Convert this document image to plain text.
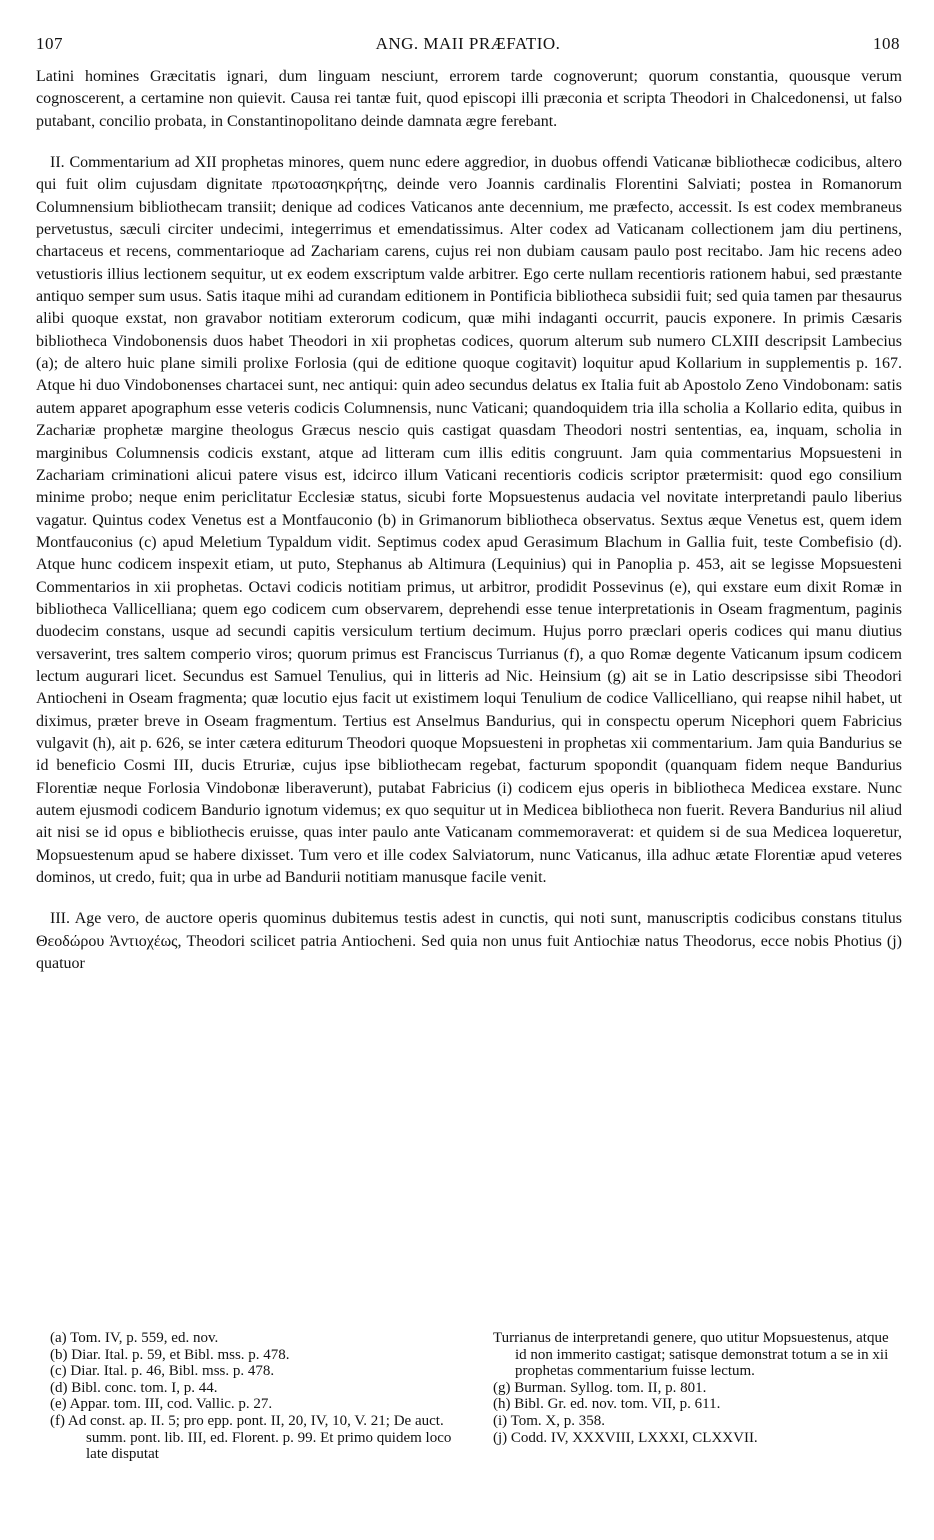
107	ANG. MAII PRÆFATIO.	108

Latini homines Græcitatis ignari, dum linguam nesciunt, errorem tarde cognoverunt; quorum constantia, quousque verum cognoscerent, a certamine non quievit. Causa rei tantæ fuit, quod episcopi illi præconia et scripta Theodori in Chalcedonensi, ut falso putabant, concilio probata, in Constantinopolitano deinde damnata ægre ferebant.

II. Commentarium ad XII prophetas minores, quem nunc edere aggredior, in duobus offendi Vaticanæ bibliothecæ codicibus, altero qui fuit olim cujusdam dignitate πρωτοασηκρήτης, deinde vero Joannis cardinalis Florentini Salviati; postea in Romanorum Columnensium bibliothecam transiit; denique ad codices Vaticanos ante decennium, me præfecto, accessit. Is est codex membraneus pervetustus, sæculi circiter undecimi, integerrimus et emendatissimus. Alter codex ad Vaticanam collectionem jam diu pertinens, chartaceus et recens, commentarioque ad Zachariam carens, cujus rei non dubiam causam paulo post recitabo. Jam hic recens adeo vetustioris illius lectionem sequitur, ut ex eodem exscriptum valde arbitrer. Ego certe nullam recentioris rationem habui, sed præstante antiquo semper sum usus. Satis itaque mihi ad curandam editionem in Pontificia bibliotheca subsidii fuit; sed quia tamen par thesaurus alibi quoque exstat, non gravabor notitiam exterorum codicum, quæ mihi indaganti occurrit, paucis exponere. In primis Cæsaris bibliotheca Vindobonensis duos habet Theodori in xii prophetas codices, quorum alterum sub numero CLXIII descripsit Lambecius (a); de altero huic plane simili prolixe Forlosia (qui de editione quoque cogitavit) loquitur apud Kollarium in supplementis p. 167. Atque hi duo Vindobonenses chartacei sunt, nec antiqui: quin adeo secundus delatus ex Italia fuit ab Apostolo Zeno Vindobonam: satis autem apparet apographum esse veteris codicis Columnensis, nunc Vaticani; quandoquidem tria illa scholia a Kollario edita, quibus in Zachariæ prophetæ margine theologus Græcus nescio quis castigat quasdam Theodori nostri sententias, ea, inquam, scholia in marginibus Columnensis codicis exstant, atque ad litteram cum illis editis congruunt. Jam quia commentarius Mopsuesteni in Zachariam criminationi alicui patere visus est, idcirco illum Vaticani recentioris codicis scriptor prætermisit: quod ego consilium minime probo; neque enim periclitatur Ecclesiæ status, sicubi forte Mopsuestenus audacia vel novitate interpretandi paulo liberius vagatur. Quintus codex Venetus est a Montfauconio (b) in Grimanorum bibliotheca observatus. Sextus æque Venetus est, quem idem Montfauconius (c) apud Meletium Typaldum vidit. Septimus codex apud Gerasimum Blachum in Gallia fuit, teste Combefisio (d). Atque hunc codicem inspexit etiam, ut puto, Stephanus ab Altimura (Lequinius) qui in Panoplia p. 453, ait se legisse Mopsuesteni Commentarios in xii prophetas. Octavi codicis notitiam primus, ut arbitror, prodidit Possevinus (e), qui exstare eum dixit Romæ in bibliotheca Vallicelliana; quem ego codicem cum observarem, deprehendi esse tenue interpretationis in Oseam fragmentum, paginis duodecim constans, usque ad secundi capitis versiculum tertium decimum. Hujus porro præclari operis codices qui manu diutius versaverint, tres saltem comperio viros; quorum primus est Franciscus Turrianus (f), a quo Romæ degente Vaticanum ipsum codicem lectum augurari licet. Secundus est Samuel Tenulius, qui in litteris ad Nic. Heinsium (g) ait se in Latio descripsisse sibi Theodori Antiocheni in Oseam fragmenta; quæ locutio ejus facit ut existimem loqui Tenulium de codice Vallicelliano, qui reapse nihil habet, ut diximus, præter breve in Oseam fragmentum. Tertius est Anselmus Bandurius, qui in conspectu operum Nicephori quem Fabricius vulgavit (h), ait p. 626, se inter cætera editurum Theodori quoque Mopsuesteni in prophetas xii commentarium. Jam quia Bandurius se id beneficio Cosmi III, ducis Etruriæ, cujus ipse bibliothecam regebat, facturum spopondit (quanquam fidem neque Bandurius Florentiæ neque Forlosia Vindobonæ liberaverunt), putabat Fabricius (i) codicem ejus operis in bibliotheca Medicea exstare. Nunc autem ejusmodi codicem Bandurio ignotum videmus; ex quo sequitur ut in Medicea bibliotheca non fuerit. Revera Bandurius nil aliud ait nisi se id opus e bibliothecis eruisse, quas inter paulo ante Vaticanam commemoraverat: et quidem si de sua Medicea loqueretur, Mopsuestenum apud se habere dixisset. Tum vero et ille codex Salviatorum, nunc Vaticanus, illa adhuc ætate Florentiæ apud veteres dominos, ut credo, fuit; qua in urbe ad Bandurii notitiam manusque facile venit.

III. Age vero, de auctore operis quominus dubitemus testis adest in cunctis, qui noti sunt, manuscriptis codicibus constans titulus Θεοδώρου Ἀντιοχέως, Theodori scilicet patria Antiocheni. Sed quia non unus fuit Antiochiæ natus Theodorus, ecce nobis Photius (j) quatuor

(a) Tom. IV, p. 559, ed. nov.
(b) Diar. Ital. p. 59, et Bibl. mss. p. 478.
(c) Diar. Ital. p. 46, Bibl. mss. p. 478.
(d) Bibl. conc. tom. I, p. 44.
(e) Appar. tom. III, cod. Vallic. p. 27.
(f) Ad const. ap. II. 5; pro epp. pont. II, 20, IV, 10, V. 21; De auct. summ. pont. lib. III, ed. Florent. p. 99. Et primo quidem loco late disputat
Turrianus de interpretandi genere, quo utitur Mopsuestenus, atque id non immerito castigat; satisque demonstrat totum a se in xii prophetas commentarium fuisse lectum.
(g) Burman. Syllog. tom. II, p. 801.
(h) Bibl. Gr. ed. nov. tom. VII, p. 611.
(i) Tom. X, p. 358.
(j) Codd. IV, XXXVIII, LXXXI, CLXXVII.
